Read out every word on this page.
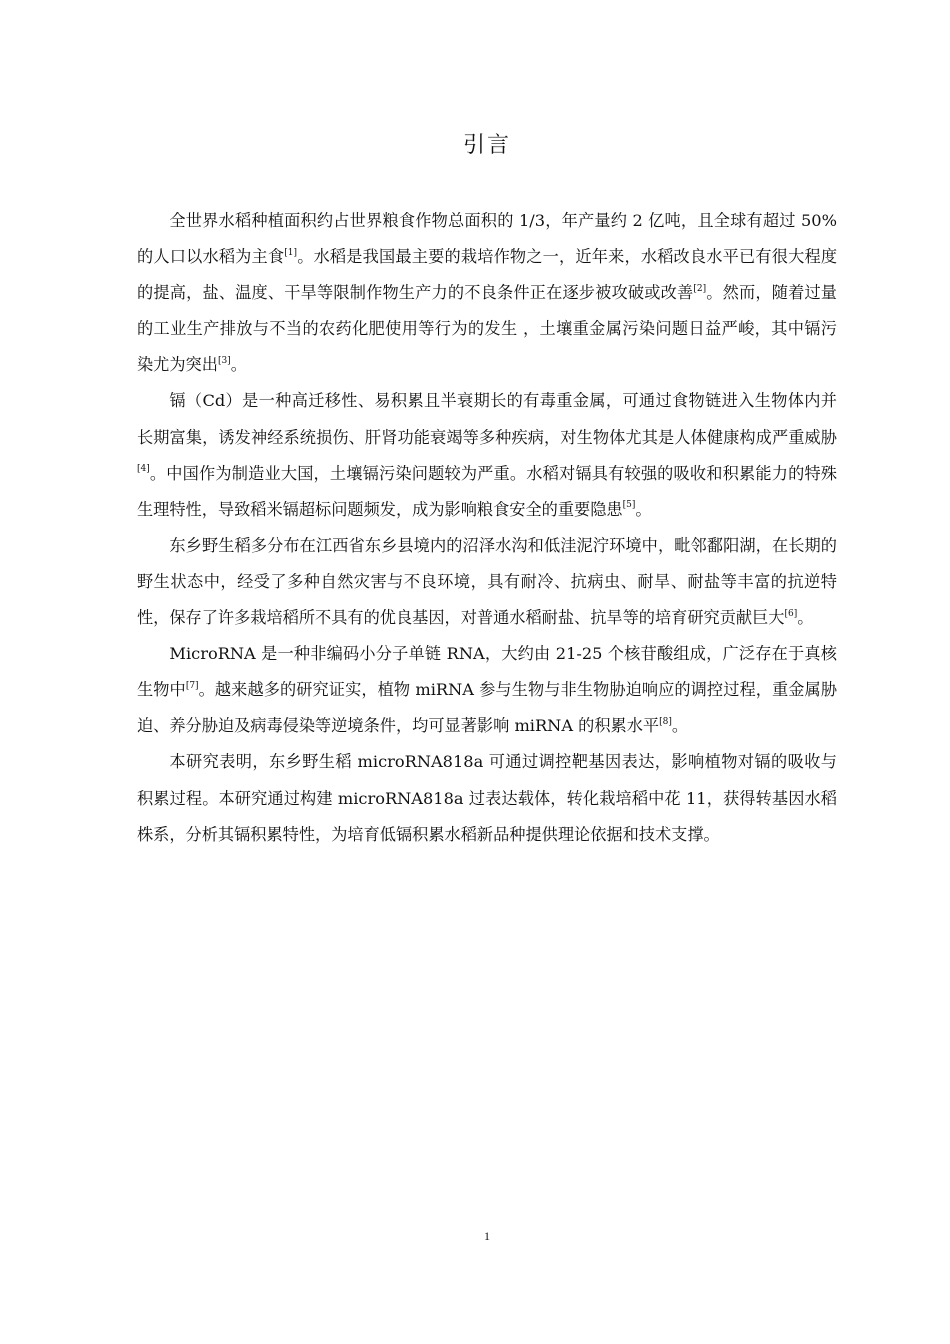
引言

全世界水稻种植面积约占世界粮食作物总面积的 1/3，年产量约 2 亿吨，且全球有超过 50%的人口以水稻为主食[1]。水稻是我国最主要的栽培作物之一，近年来，水稻改良水平已有很大程度的提高，盐、温度、干旱等限制作物生产力的不良条件正在逐步被攻破或改善[2]。然而，随着过量的工业生产排放与不当的农药化肥使用等行为的发生 ，土壤重金属污染问题日益严峻，其中镉污染尤为突出[3]。

镉（Cd）是一种高迁移性、易积累且半衰期长的有毒重金属，可通过食物链进入生物体内并长期富集，诱发神经系统损伤、肝肾功能衰竭等多种疾病，对生物体尤其是人体健康构成严重威胁[4]。中国作为制造业大国，土壤镉污染问题较为严重。水稻对镉具有较强的吸收和积累能力的特殊生理特性，导致稻米镉超标问题频发，成为影响粮食安全的重要隐患[5]。

东乡野生稻多分布在江西省东乡县境内的沼泽水沟和低洼泥泞环境中，毗邻鄱阳湖，在长期的野生状态中，经受了多种自然灾害与不良环境，具有耐冷、抗病虫、耐旱、耐盐等丰富的抗逆特性，保存了许多栽培稻所不具有的优良基因，对普通水稻耐盐、抗旱等的培育研究贡献巨大[6]。

MicroRNA 是一种非编码小分子单链 RNA，大约由 21-25 个核苷酸组成，广泛存在于真核生物中[7]。越来越多的研究证实，植物 miRNA 参与生物与非生物胁迫响应的调控过程，重金属胁迫、养分胁迫及病毒侵染等逆境条件，均可显著影响 miRNA 的积累水平[8]。

本研究表明，东乡野生稻 microRNA818a 可通过调控靶基因表达，影响植物对镉的吸收与积累过程。本研究通过构建 microRNA818a 过表达载体，转化栽培稻中花 11，获得转基因水稻株系，分析其镉积累特性，为培育低镉积累水稻新品种提供理论依据和技术支撑。

1
